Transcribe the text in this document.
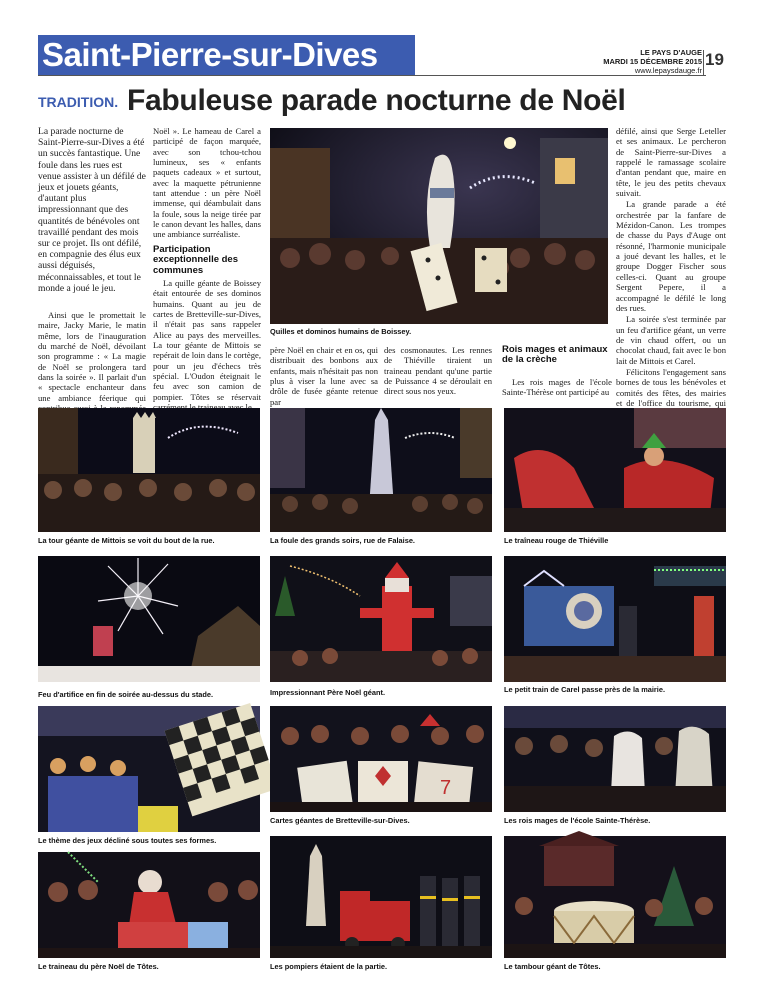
Saint-Pierre-sur-Dives	LE PAYS D'AUGE
MARDI 15 DÉCEMBRE 2015
www.lepaysdauge.fr
19
TRADITION. Fabuleuse parade nocturne de Noël
La parade nocturne de Saint-Pierre-sur-Dives a été un succès fantastique. Une foule dans les rues est venue assister à un défilé de jeux et jouets géants, d'autant plus impressionnant que des quantités de bénévoles ont travaillé pendant des mois sur ce projet. Ils ont défilé, en compagnie des élus eux aussi déguisés, méconnaissables, et tout le monde a joué le jeu.

Ainsi que le promettait le maire, Jacky Marie, le matin même, lors de l'inauguration du marché de Noël, dévoilant son programme : « La magie de Noël se prolongera tard dans la soirée ». Il parlait d'un « spectacle enchanteur dans une ambiance féerique qui

Noël ». Le hameau de Carel a participé de façon marquée, avec son tchou-tchou lumineux, ses « enfants paquets cadeaux » et surtout, avec la maquette pétrunienne tant attendue : un père Noël immense, qui déambulait dans la foule, sous la neige tirée par le canon devant les halles, dans une ambiance surréaliste.

Participation exceptionnelle des communes

La quille géante de Boissey était entourée de ses dominos humains. Quant au jeu de cartes de Bretteville-sur-Dives, il n'était pas sans rappeler Alice au pays des merveilles. La tour géante de Mittois se repérait de loin dans le cortège, pour un jeu d'échecs très spécial. L'Oudon éteignait le feu avec son camion de pompier. Tôtes se réservait

père Noël en chair et en os, qui distribuait des bonbons aux enfants, mais n'hésitait pas non plus à viser la lune avec sa drôle de fusée géante retenue par

des cosmonautes. Les rennes de Thiéville tiraient un traineau pendant qu'une partie de Puissance 4 se déroulait en direct sous nos yeux.

Rois mages et animaux de la crèche

Les rois mages de l'école Sainte-Thérèse ont participé au

défilé, ainsi que Serge Leteller et ses animaux. Le percheron de Saint-Pierre-sur-Dives a rappelé le ramassage scolaire d'antan pendant que, maire en tête, le jeu des petits chevaux suivait.

La grande parade a été orchestrée par la fanfare de Mézidon-Canon. Les trompes de chasse du Pays d'Auge ont résonné, l'harmonie municipale a joué devant les halles, et le groupe Dogger Fischer sous celles-ci. Quant au groupe Sergent Pepere, il a accompagné le défilé le long des rues.

La soirée s'est terminée par un feu d'artifice géant, un verre de vin chaud offert, ou un chocolat chaud, fait avec le bon lait de Mittois et Carel.

Félicitons l'engagement sans bornes de tous les bénévoles et comités des fêtes, des mairies et de l'office du tourisme, qui

Quilles et dominos humains de Boissey.
La tour géante de Mittois se voit du bout de la rue.	La foule des grands soirs, rue de Falaise.	Le traîneau rouge de Thiéville
Feu d'artifice en fin de soirée au-dessus du stade.	Impressionnant Père Noël géant.	Le petit train de Carel passe près de la mairie.
Le thème des jeux décliné sous toutes ses formes.
7
Cartes géantes de Bretteville-sur-Dives.	Les rois mages de l'école Sainte-Thérèse.
Le traineau du père Noël de Tôtes.	Les pompiers étaient de la partie.	Le tambour géant de Tôtes.
